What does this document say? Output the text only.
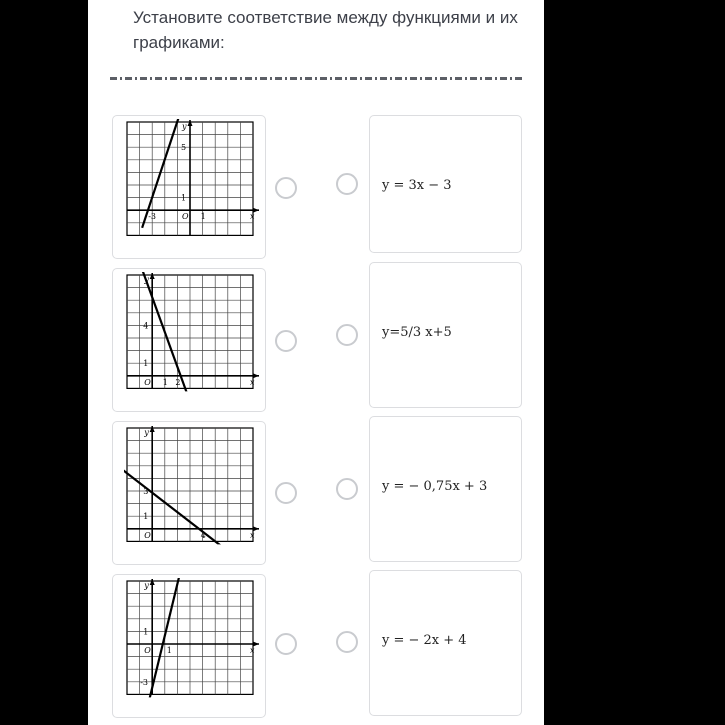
Установите соответствие между функциями и их графиками:
O	x
y
5
1
-3	1
O	x
y
4
1
1 2
O	x
y
3
1
4
O	x
y
1
-3
1
y = 3x − 3
y=5/3 x+5
y = − 0,75x + 3
y = − 2x + 4
